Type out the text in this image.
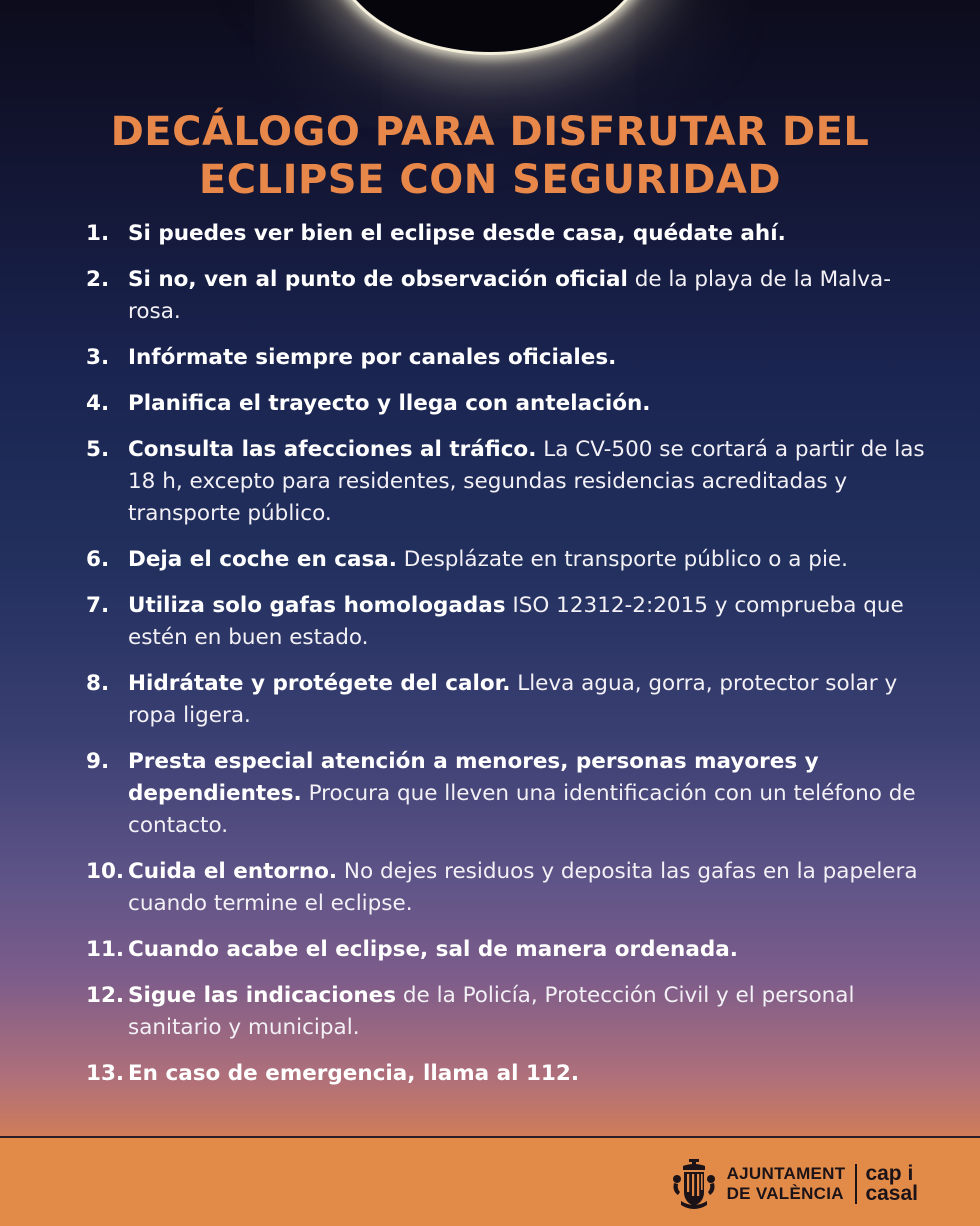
DECÁLOGO PARA DISFRUTAR DEL
ECLIPSE CON SEGURIDAD
1. Si puedes ver bien el eclipse desde casa, quédate ahí.
2. Si no, ven al punto de observación oficial de la playa de la Malva-rosa.
3. Infórmate siempre por canales oficiales.
4. Planifica el trayecto y llega con antelación.
5. Consulta las afecciones al tráfico. La CV-500 se cortará a partir de las 18 h, excepto para residentes, segundas residencias acreditadas y transporte público.
6. Deja el coche en casa. Desplázate en transporte público o a pie.
7. Utiliza solo gafas homologadas ISO 12312-2:2015 y comprueba que estén en buen estado.
8. Hidrátate y protégete del calor. Lleva agua, gorra, protector solar y ropa ligera.
9. Presta especial atención a menores, personas mayores y dependientes. Procura que lleven una identificación con un teléfono de contacto.
10. Cuida el entorno. No dejes residuos y deposita las gafas en la papelera cuando termine el eclipse.
11. Cuando acabe el eclipse, sal de manera ordenada.
12. Sigue las indicaciones de la Policía, Protección Civil y el personal sanitario y municipal.
13. En caso de emergencia, llama al 112.
AJUNTAMENT
DE VALÈNCIA
cap i
casal
